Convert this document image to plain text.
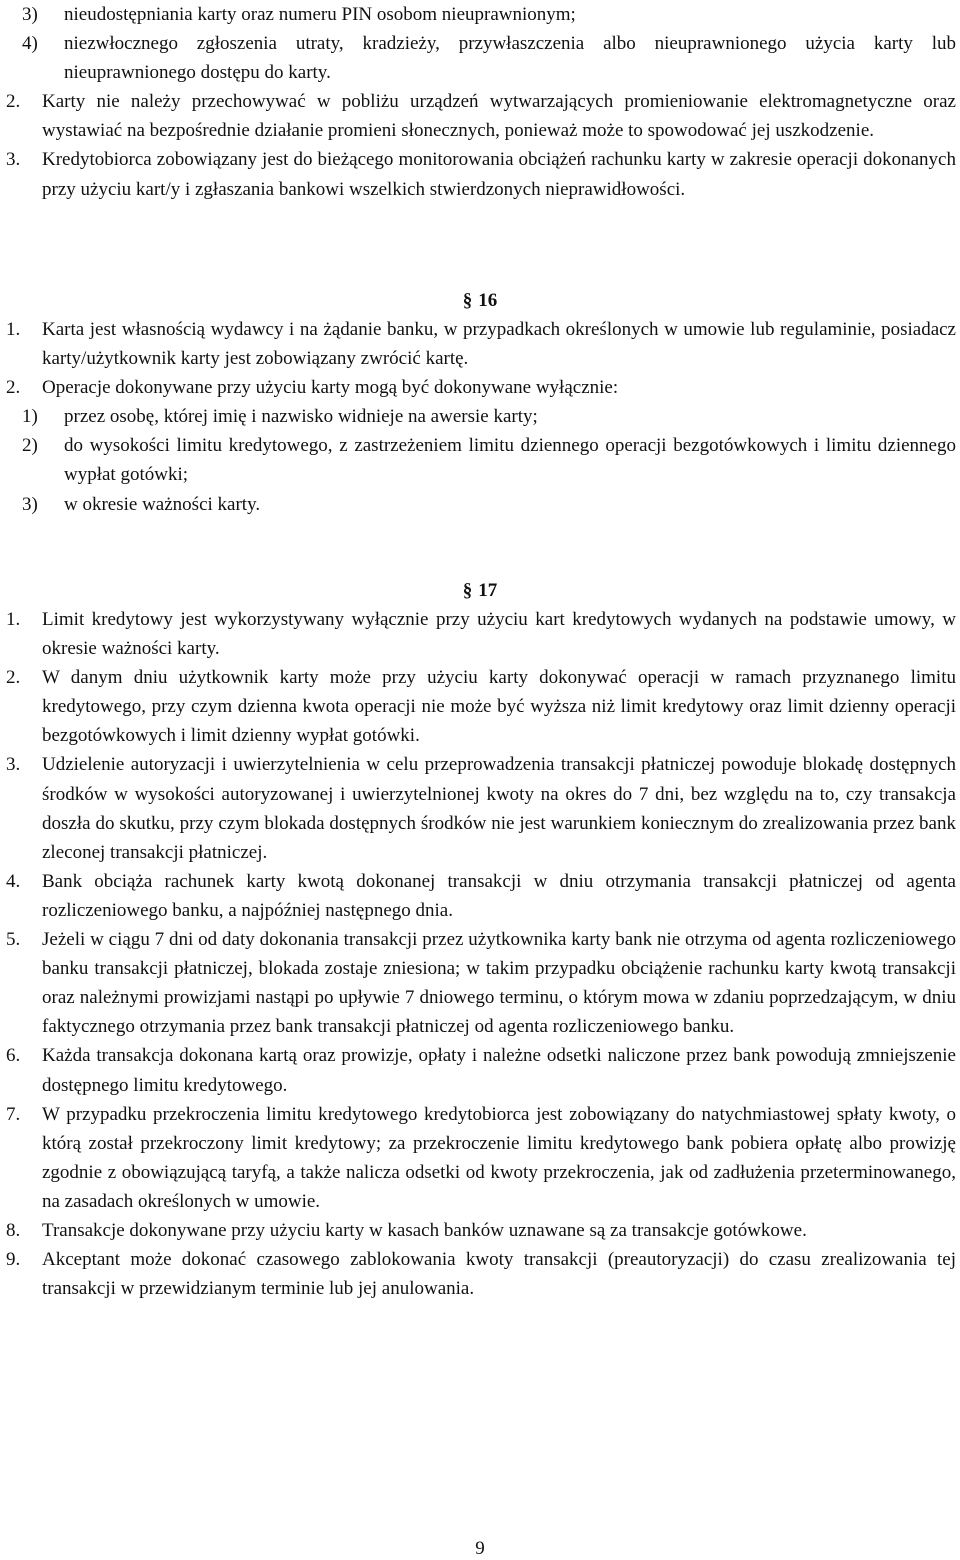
3) nieudostępniania karty oraz numeru PIN osobom nieuprawnionym;
4) niezwłocznego zgłoszenia utraty, kradzieży, przywłaszczenia albo nieuprawnionego użycia karty lub nieuprawnionego dostępu do karty.
2. Karty nie należy przechowywać w pobliżu urządzeń wytwarzających promieniowanie elektromagnetyczne oraz wystawiać na bezpośrednie działanie promieni słonecznych, ponieważ może to spowodować jej uszkodzenie.
3. Kredytobiorca zobowiązany jest do bieżącego monitorowania obciążeń rachunku karty w zakresie operacji dokonanych przy użyciu kart/y i zgłaszania bankowi wszelkich stwierdzonych nieprawidłowości.
§ 16
1. Karta jest własnością wydawcy i na żądanie banku, w przypadkach określonych w umowie lub regulaminie, posiadacz karty/użytkownik karty jest zobowiązany zwrócić kartę.
2. Operacje dokonywane przy użyciu karty mogą być dokonywane wyłącznie:
1) przez osobę, której imię i nazwisko widnieje na awersie karty;
2) do wysokości limitu kredytowego, z zastrzeżeniem limitu dziennego operacji bezgotówkowych i limitu dziennego wypłat gotówki;
3) w okresie ważności karty.
§ 17
1. Limit kredytowy jest wykorzystywany wyłącznie przy użyciu kart kredytowych wydanych na podstawie umowy, w okresie ważności karty.
2. W danym dniu użytkownik karty może przy użyciu karty dokonywać operacji w ramach przyznanego limitu kredytowego, przy czym dzienna kwota operacji nie może być wyższa niż limit kredytowy oraz limit dzienny operacji bezgotówkowych i limit dzienny wypłat gotówki.
3. Udzielenie autoryzacji i uwierzytelnienia w celu przeprowadzenia transakcji płatniczej powoduje blokadę dostępnych środków w wysokości autoryzowanej i uwierzytelnionej kwoty na okres do 7 dni, bez względu na to, czy transakcja doszła do skutku, przy czym blokada dostępnych środków nie jest warunkiem koniecznym do zrealizowania przez bank zleconej transakcji płatniczej.
4. Bank obciąża rachunek karty kwotą dokonanej transakcji w dniu otrzymania transakcji płatniczej od agenta rozliczeniowego banku, a najpóźniej następnego dnia.
5. Jeżeli w ciągu 7 dni od daty dokonania transakcji przez użytkownika karty bank nie otrzyma od agenta rozliczeniowego banku transakcji płatniczej, blokada zostaje zniesiona; w takim przypadku obciążenie rachunku karty kwotą transakcji oraz należnymi prowizjami nastąpi po upływie 7 dniowego terminu, o którym mowa w zdaniu poprzedzającym, w dniu faktycznego otrzymania przez bank transakcji płatniczej od agenta rozliczeniowego banku.
6. Każda transakcja dokonana kartą oraz prowizje, opłaty i należne odsetki naliczone przez bank powodują zmniejszenie dostępnego limitu kredytowego.
7. W przypadku przekroczenia limitu kredytowego kredytobiorca jest zobowiązany do natychmiastowej spłaty kwoty, o którą został przekroczony limit kredytowy; za przekroczenie limitu kredytowego bank pobiera opłatę albo prowizję zgodnie z obowiązującą taryfą, a także nalicza odsetki od kwoty przekroczenia, jak od zadłużenia przeterminowanego, na zasadach określonych w umowie.
8. Transakcje dokonywane przy użyciu karty w kasach banków uznawane są za transakcje gotówkowe.
9. Akceptant może dokonać czasowego zablokowania kwoty transakcji (preautoryzacji) do czasu zrealizowania tej transakcji w przewidzianym terminie lub jej anulowania.
9
